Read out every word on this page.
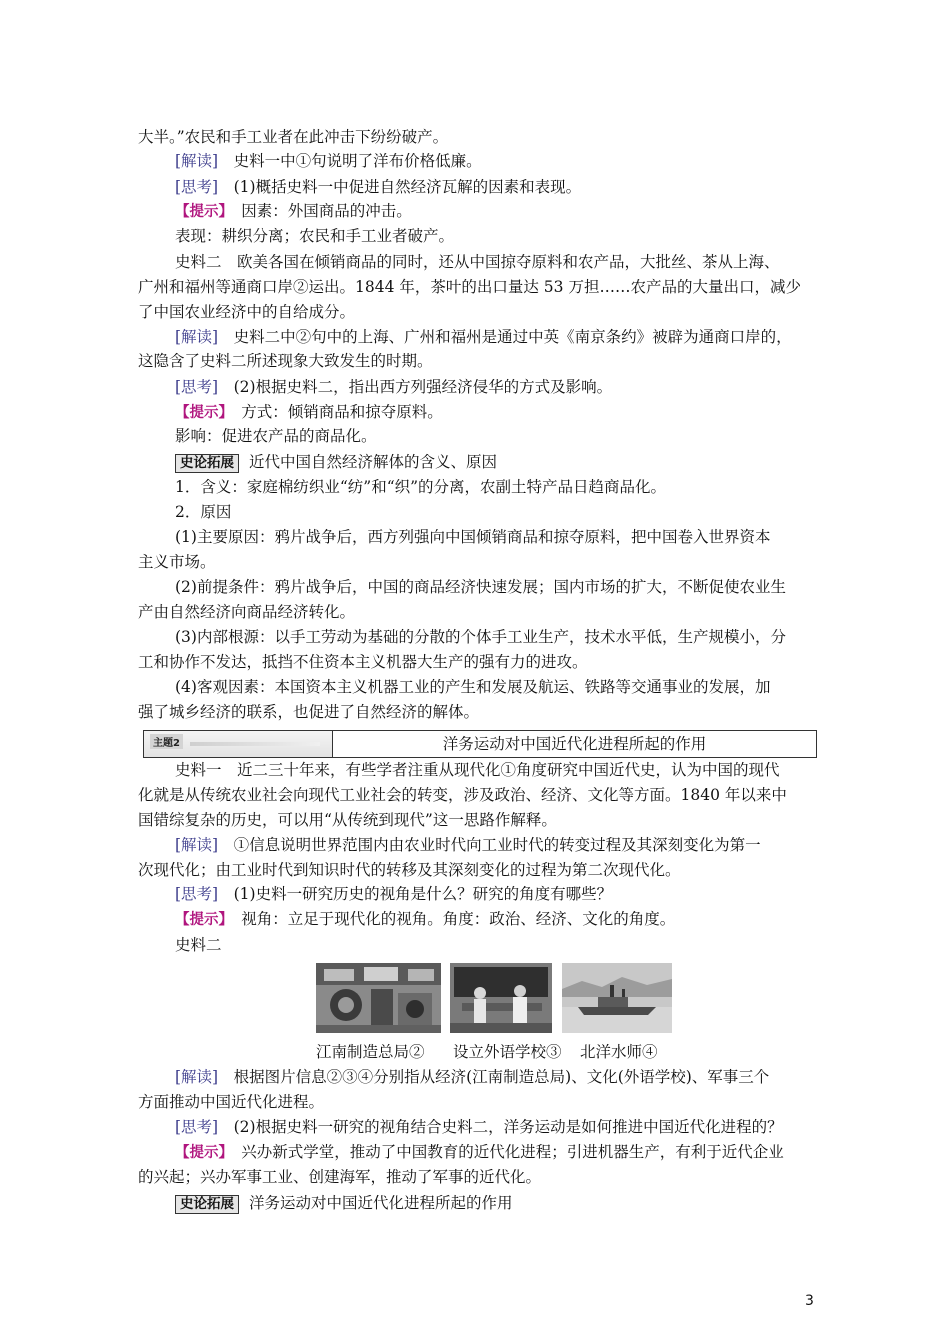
大半。”农民和手工业者在此冲击下纷纷破产。
[解读]　史料一中①句说明了洋布价格低廉。
[思考]　(1)概括史料一中促进自然经济瓦解的因素和表现。
【提示】　因素：外国商品的冲击。
表现：耕织分离；农民和手工业者破产。
史料二　欧美各国在倾销商品的同时，还从中国掠夺原料和农产品，大批丝、茶从上海、
广州和福州等通商口岸②运出。1844 年，茶叶的出口量达 53 万担……农产品的大量出口，减少
了中国农业经济中的自给成分。
[解读]　史料二中②句中的上海、广州和福州是通过中英《南京条约》被辟为通商口岸的，
这隐含了史料二所述现象大致发生的时期。
[思考]　(2)根据史料二，指出西方列强经济侵华的方式及影响。
【提示】　方式：倾销商品和掠夺原料。
影响：促进农产品的商品化。
史论拓展 近代中国自然经济解体的含义、原因
1．含义：家庭棉纺织业“纺”和“织”的分离，农副土特产品日趋商品化。
2．原因
(1)主要原因：鸦片战争后，西方列强向中国倾销商品和掠夺原料，把中国卷入世界资本
主义市场。
(2)前提条件：鸦片战争后，中国的商品经济快速发展；国内市场的扩大，不断促使农业生
产由自然经济向商品经济转化。
(3)内部根源：以手工劳动为基础的分散的个体手工业生产，技术水平低，生产规模小，分
工和协作不发达，抵挡不住资本主义机器大生产的强有力的进攻。
(4)客观因素：本国资本主义机器工业的产生和发展及航运、铁路等交通事业的发展，加
强了城乡经济的联系，也促进了自然经济的解体。
史料一　近二三十年来，有些学者注重从现代化①角度研究中国近代史，认为中国的现代
化就是从传统农业社会向现代工业社会的转变，涉及政治、经济、文化等方面。1840 年以来中
国错综复杂的历史，可以用“从传统到现代”这一思路作解释。
[解读]　①信息说明世界范围内由农业时代向工业时代的转变过程及其深刻变化为第一
次现代化；由工业时代到知识时代的转移及其深刻变化的过程为第二次现代化。
[思考]　(1)史料一研究历史的视角是什么？研究的角度有哪些？
【提示】　视角：立足于现代化的视角。角度：政治、经济、文化的角度。
史料二
[解读]　根据图片信息②③④分别指从经济(江南制造总局)、文化(外语学校)、军事三个
方面推动中国近代化进程。
[思考]　(2)根据史料一研究的视角结合史料二，洋务运动是如何推进中国近代化进程的？
【提示】　兴办新式学堂，推动了中国教育的近代化进程；引进机器生产，有利于近代企业
的兴起；兴办军事工业、创建海军，推动了军事的近代化。
史论拓展 洋务运动对中国近代化进程所起的作用
主题2	洋务运动对中国近代化进程所起的作用
江南制造总局② 设立外语学校③ 北洋水师④
3
